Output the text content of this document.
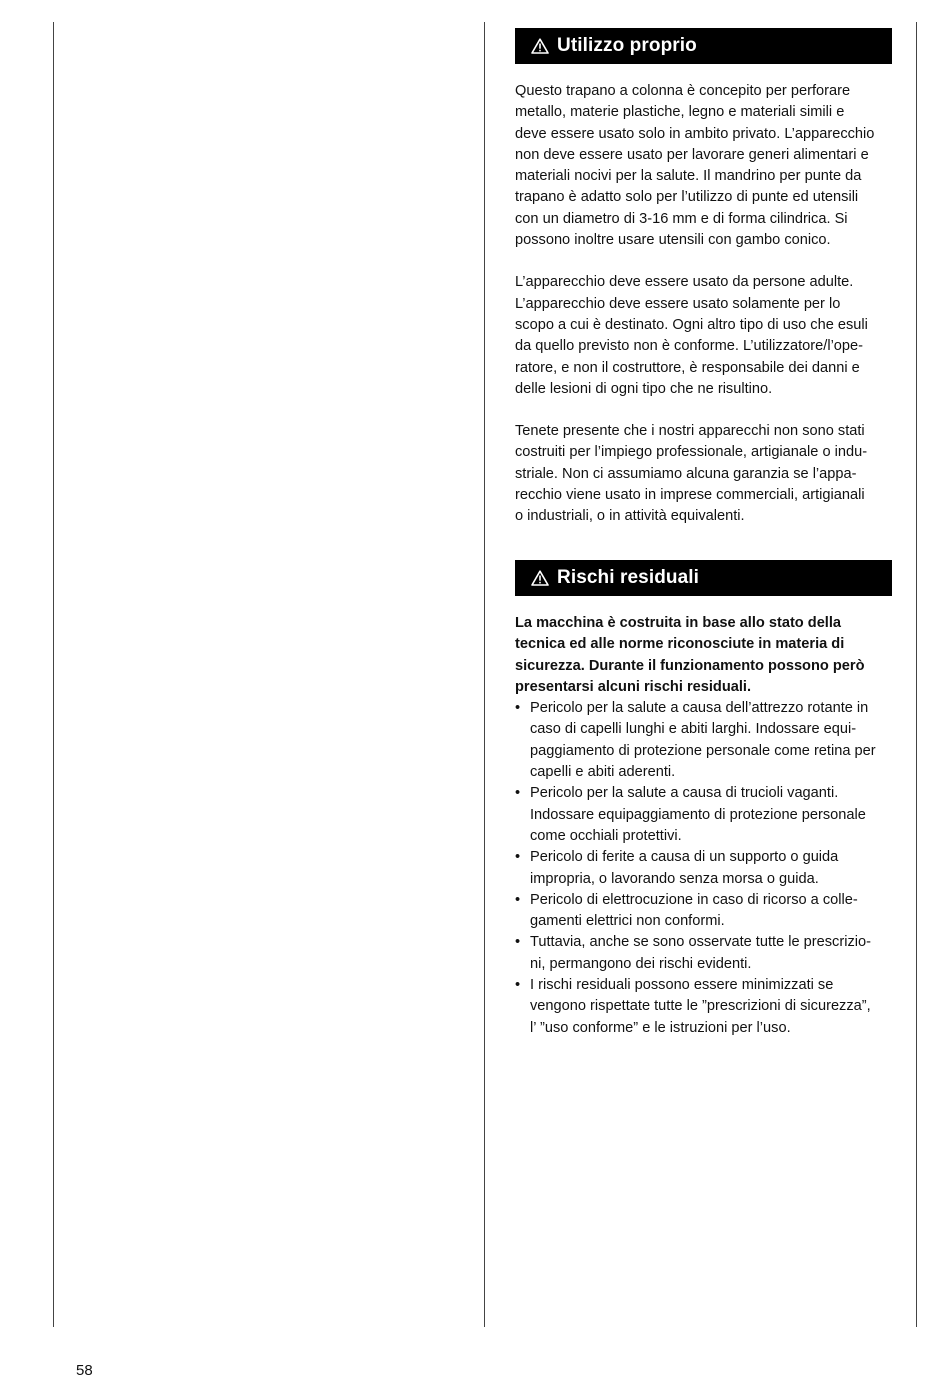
Utilizzo proprio

Questo trapano a colonna è concepito per perforare
metallo, materie plastiche, legno e materiali simili e
deve essere usato solo in ambito privato. L’apparecchio
non deve essere usato per lavorare generi alimentari e
materiali nocivi per la salute. Il mandrino per punte da
trapano è adatto solo per l’utilizzo di punte ed utensili
con un diametro di 3-16 mm e di forma cilindrica. Si
possono inoltre usare utensili con gambo conico.

L’apparecchio deve essere usato da persone adulte.
L’apparecchio deve essere usato solamente per lo
scopo a cui è destinato. Ogni altro tipo di uso che esuli
da quello previsto non è conforme. L’utilizzatore/l’ope-
ratore, e non il costruttore, è responsabile dei danni e
delle lesioni di ogni tipo che ne risultino.

Tenete presente che i nostri apparecchi non sono stati
costruiti per l’impiego professionale, artigianale o indu-
striale. Non ci assumiamo alcuna garanzia se l’appa-
recchio viene usato in imprese commerciali, artigianali
o industriali, o in attività equivalenti.

Rischi residuali

La macchina è costruita in base allo stato della
tecnica ed alle norme riconosciute in materia di
sicurezza. Durante il funzionamento possono però
presentarsi alcuni rischi residuali.

• Pericolo per la salute a causa dell’attrezzo rotante in
caso di capelli lunghi e abiti larghi. Indossare equi-
paggiamento di protezione personale come retina per
capelli e abiti aderenti.
• Pericolo per la salute a causa di trucioli vaganti.
Indossare equipaggiamento di protezione personale
come occhiali protettivi.
• Pericolo di ferite a causa di un supporto o guida
impropria, o lavorando senza morsa o guida.
• Pericolo di elettrocuzione in caso di ricorso a colle-
gamenti elettrici non conformi.
• Tuttavia, anche se sono osservate tutte le prescrizio-
ni, permangono dei rischi evidenti.
• I rischi residuali possono essere minimizzati se
vengono rispettate tutte le ”prescrizioni di sicurezza”,
l’ ”uso conforme” e le istruzioni per l’uso.
58
